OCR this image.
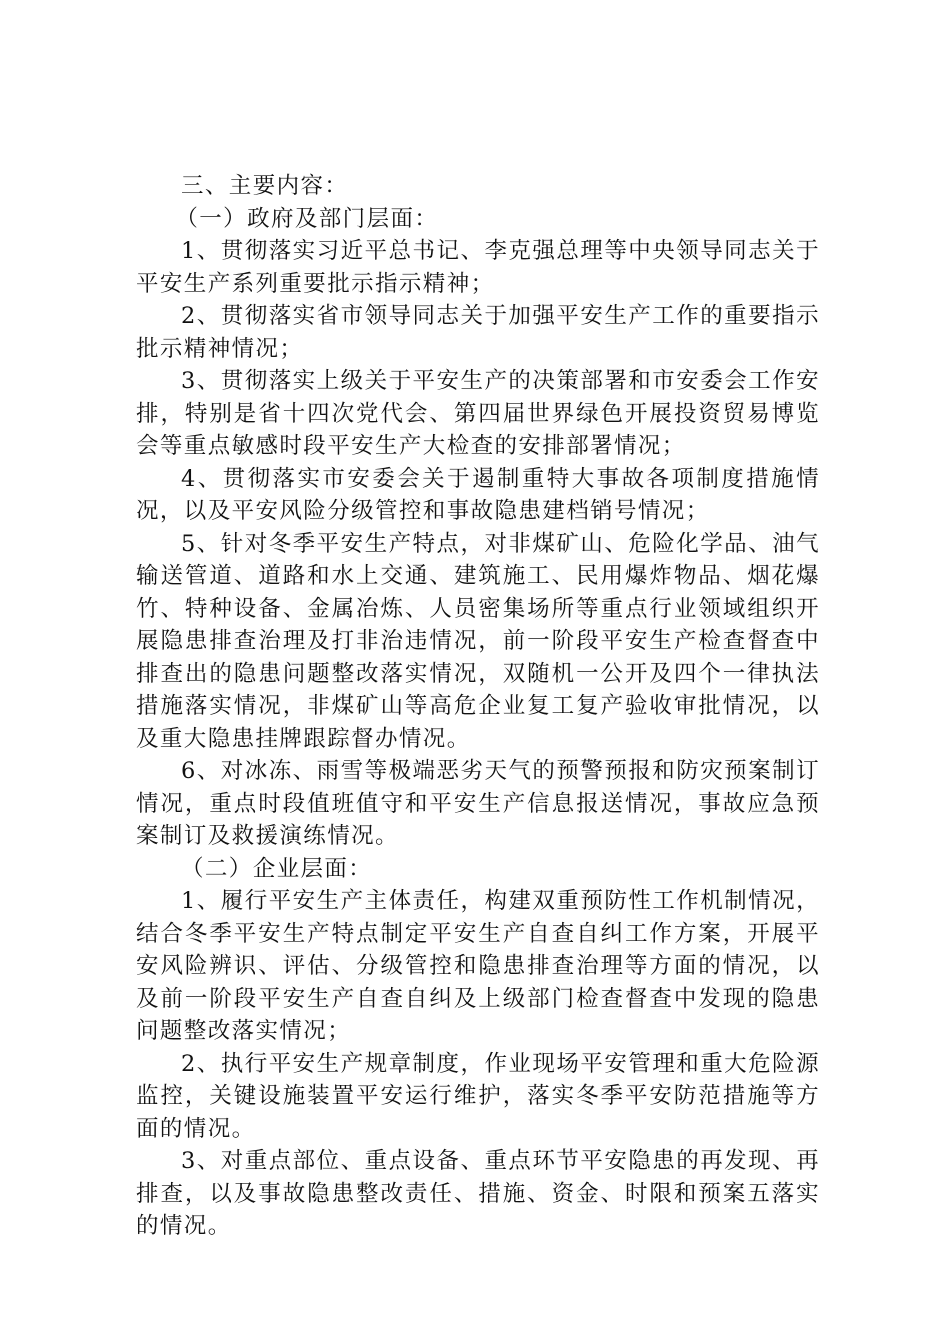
三、主要内容：

（一）政府及部门层面：

1、贯彻落实习近平总书记、李克强总理等中央领导同志关于平安生产系列重要批示指示精神；

2、贯彻落实省市领导同志关于加强平安生产工作的重要指示批示精神情况；

3、贯彻落实上级关于平安生产的决策部署和市安委会工作安排，特别是省十四次党代会、第四届世界绿色开展投资贸易博览会等重点敏感时段平安生产大检查的安排部署情况；

4、贯彻落实市安委会关于遏制重特大事故各项制度措施情况，以及平安风险分级管控和事故隐患建档销号情况；

5、针对冬季平安生产特点，对非煤矿山、危险化学品、油气输送管道、道路和水上交通、建筑施工、民用爆炸物品、烟花爆竹、特种设备、金属冶炼、人员密集场所等重点行业领域组织开展隐患排查治理及打非治违情况，前一阶段平安生产检查督查中排查出的隐患问题整改落实情况，双随机一公开及四个一律执法措施落实情况，非煤矿山等高危企业复工复产验收审批情况，以及重大隐患挂牌跟踪督办情况。

6、对冰冻、雨雪等极端恶劣天气的预警预报和防灾预案制订情况，重点时段值班值守和平安生产信息报送情况，事故应急预案制订及救援演练情况。

（二）企业层面：

1、履行平安生产主体责任，构建双重预防性工作机制情况，结合冬季平安生产特点制定平安生产自查自纠工作方案，开展平安风险辨识、评估、分级管控和隐患排查治理等方面的情况，以及前一阶段平安生产自查自纠及上级部门检查督查中发现的隐患问题整改落实情况；

2、执行平安生产规章制度，作业现场平安管理和重大危险源监控，关键设施装置平安运行维护，落实冬季平安防范措施等方面的情况。

3、对重点部位、重点设备、重点环节平安隐患的再发现、再排查，以及事故隐患整改责任、措施、资金、时限和预案五落实的情况。
